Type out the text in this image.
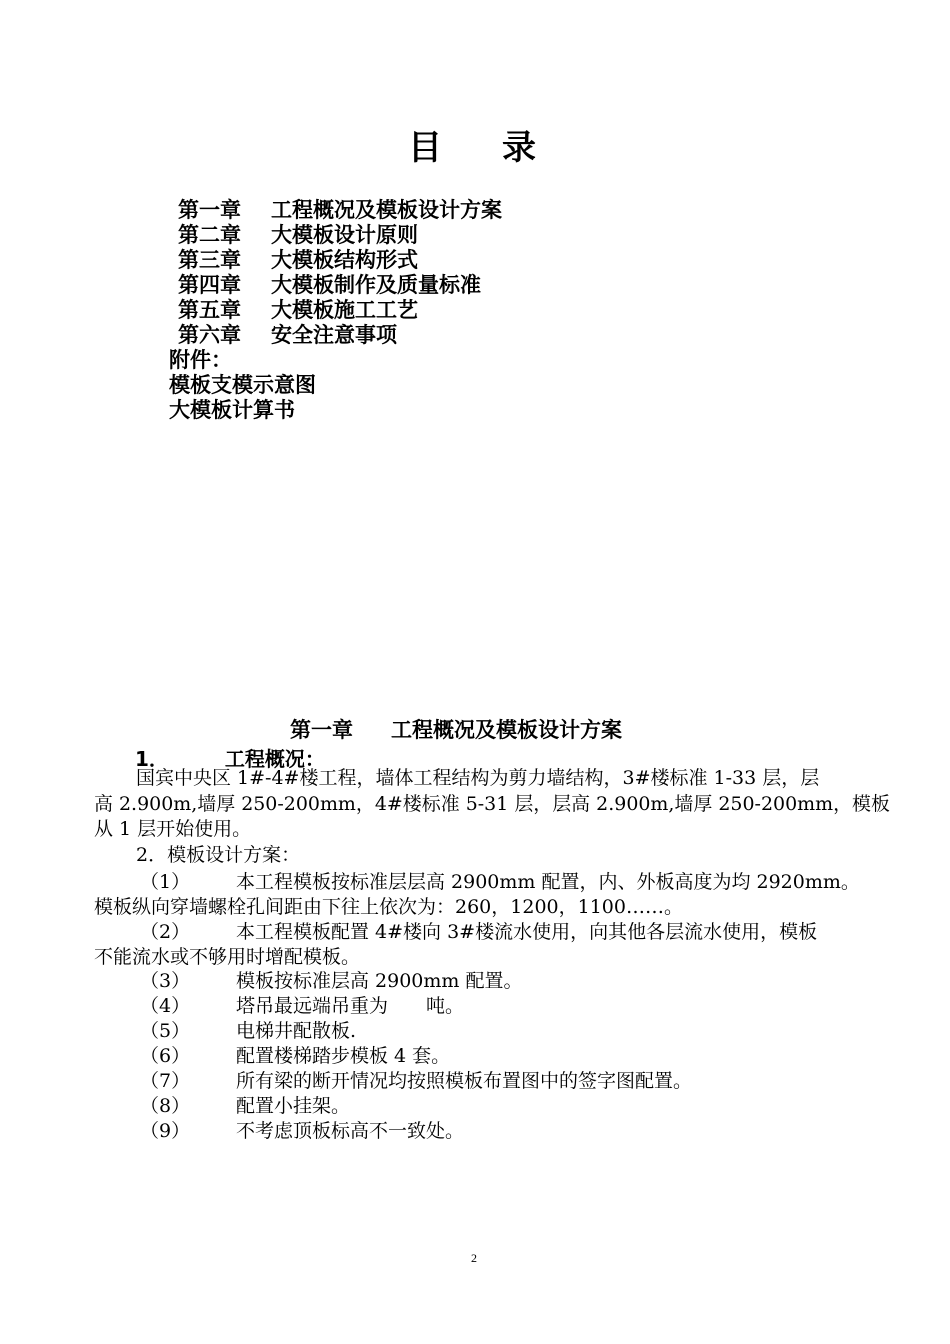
目 录
第一章 工程概况及模板设计方案
第二章 大模板设计原则
第三章 大模板结构形式
第四章 大模板制作及质量标准
第五章 大模板施工工艺
第六章 安全注意事项
附件：
模板支模示意图
大模板计算书
第一章 工程概况及模板设计方案
1．	工程概况：
国宾中央区 1#-4#楼工程，墙体工程结构为剪力墙结构，3#楼标准 1-33 层，层
高 2.900m,墙厚 250-200mm，4#楼标准 5-31 层，层高 2.900m,墙厚 250-200mm，模板
从 1 层开始使用。
2．模板设计方案：
（1） 本工程模板按标准层层高 2900mm 配置，内、外板高度为均 2920mm。
模板纵向穿墙螺栓孔间距由下往上依次为：260，1200，1100……。
（2） 本工程模板配置 4#楼向 3#楼流水使用，向其他各层流水使用，模板
不能流水或不够用时增配模板。
（3） 模板按标准层高 2900mm 配置。
（4） 塔吊最远端吊重为　　吨。
（5） 电梯井配散板.
（6） 配置楼梯踏步模板 4 套。
（7） 所有梁的断开情况均按照模板布置图中的签字图配置。
（8） 配置小挂架。
（9） 不考虑顶板标高不一致处。
2
